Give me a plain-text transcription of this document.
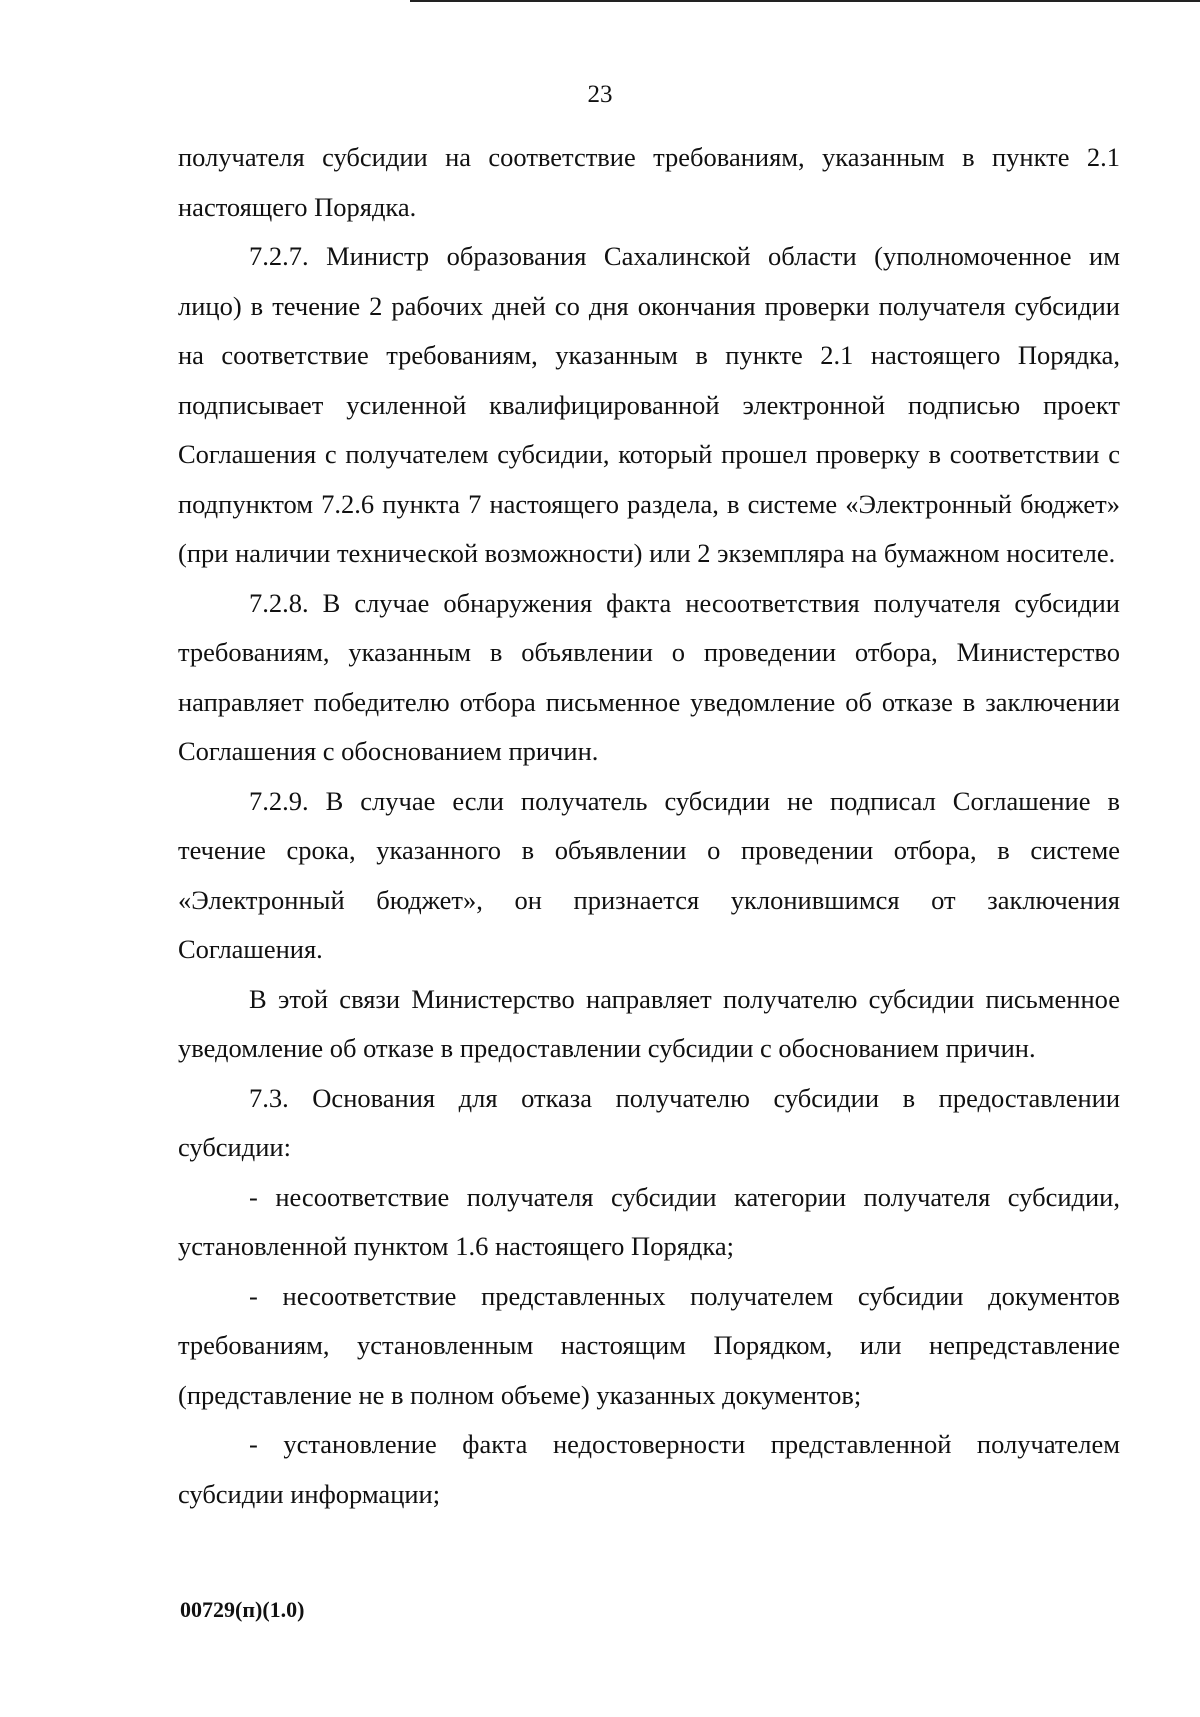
23

получателя субсидии на соответствие требованиям, указанным в пункте 2.1 настоящего Порядка.

7.2.7. Министр образования Сахалинской области (уполномоченное им лицо) в течение 2 рабочих дней со дня окончания проверки получателя субсидии на соответствие требованиям, указанным в пункте 2.1 настоящего Порядка, подписывает усиленной квалифицированной электронной подписью проект Соглашения с получателем субсидии, который прошел проверку в соответствии с подпунктом 7.2.6 пункта 7 настоящего раздела, в системе «Электронный бюджет» (при наличии технической возможности) или 2 экземпляра на бумажном носителе.

7.2.8. В случае обнаружения факта несоответствия получателя субсидии требованиям, указанным в объявлении о проведении отбора, Министерство направляет победителю отбора письменное уведомление об отказе в заключении Соглашения с обоснованием причин.

7.2.9. В случае если получатель субсидии не подписал Соглашение в течение срока, указанного в объявлении о проведении отбора, в системе «Электронный бюджет», он признается уклонившимся от заключения Соглашения.

В этой связи Министерство направляет получателю субсидии письменное уведомление об отказе в предоставлении субсидии с обоснованием причин.

7.3. Основания для отказа получателю субсидии в предоставлении субсидии:

- несоответствие получателя субсидии категории получателя субсидии, установленной пунктом 1.6 настоящего Порядка;

- несоответствие представленных получателем субсидии документов требованиям, установленным настоящим Порядком, или непредставление (представление не в полном объеме) указанных документов;

- установление факта недостоверности представленной получателем субсидии информации;

00729(п)(1.0)
